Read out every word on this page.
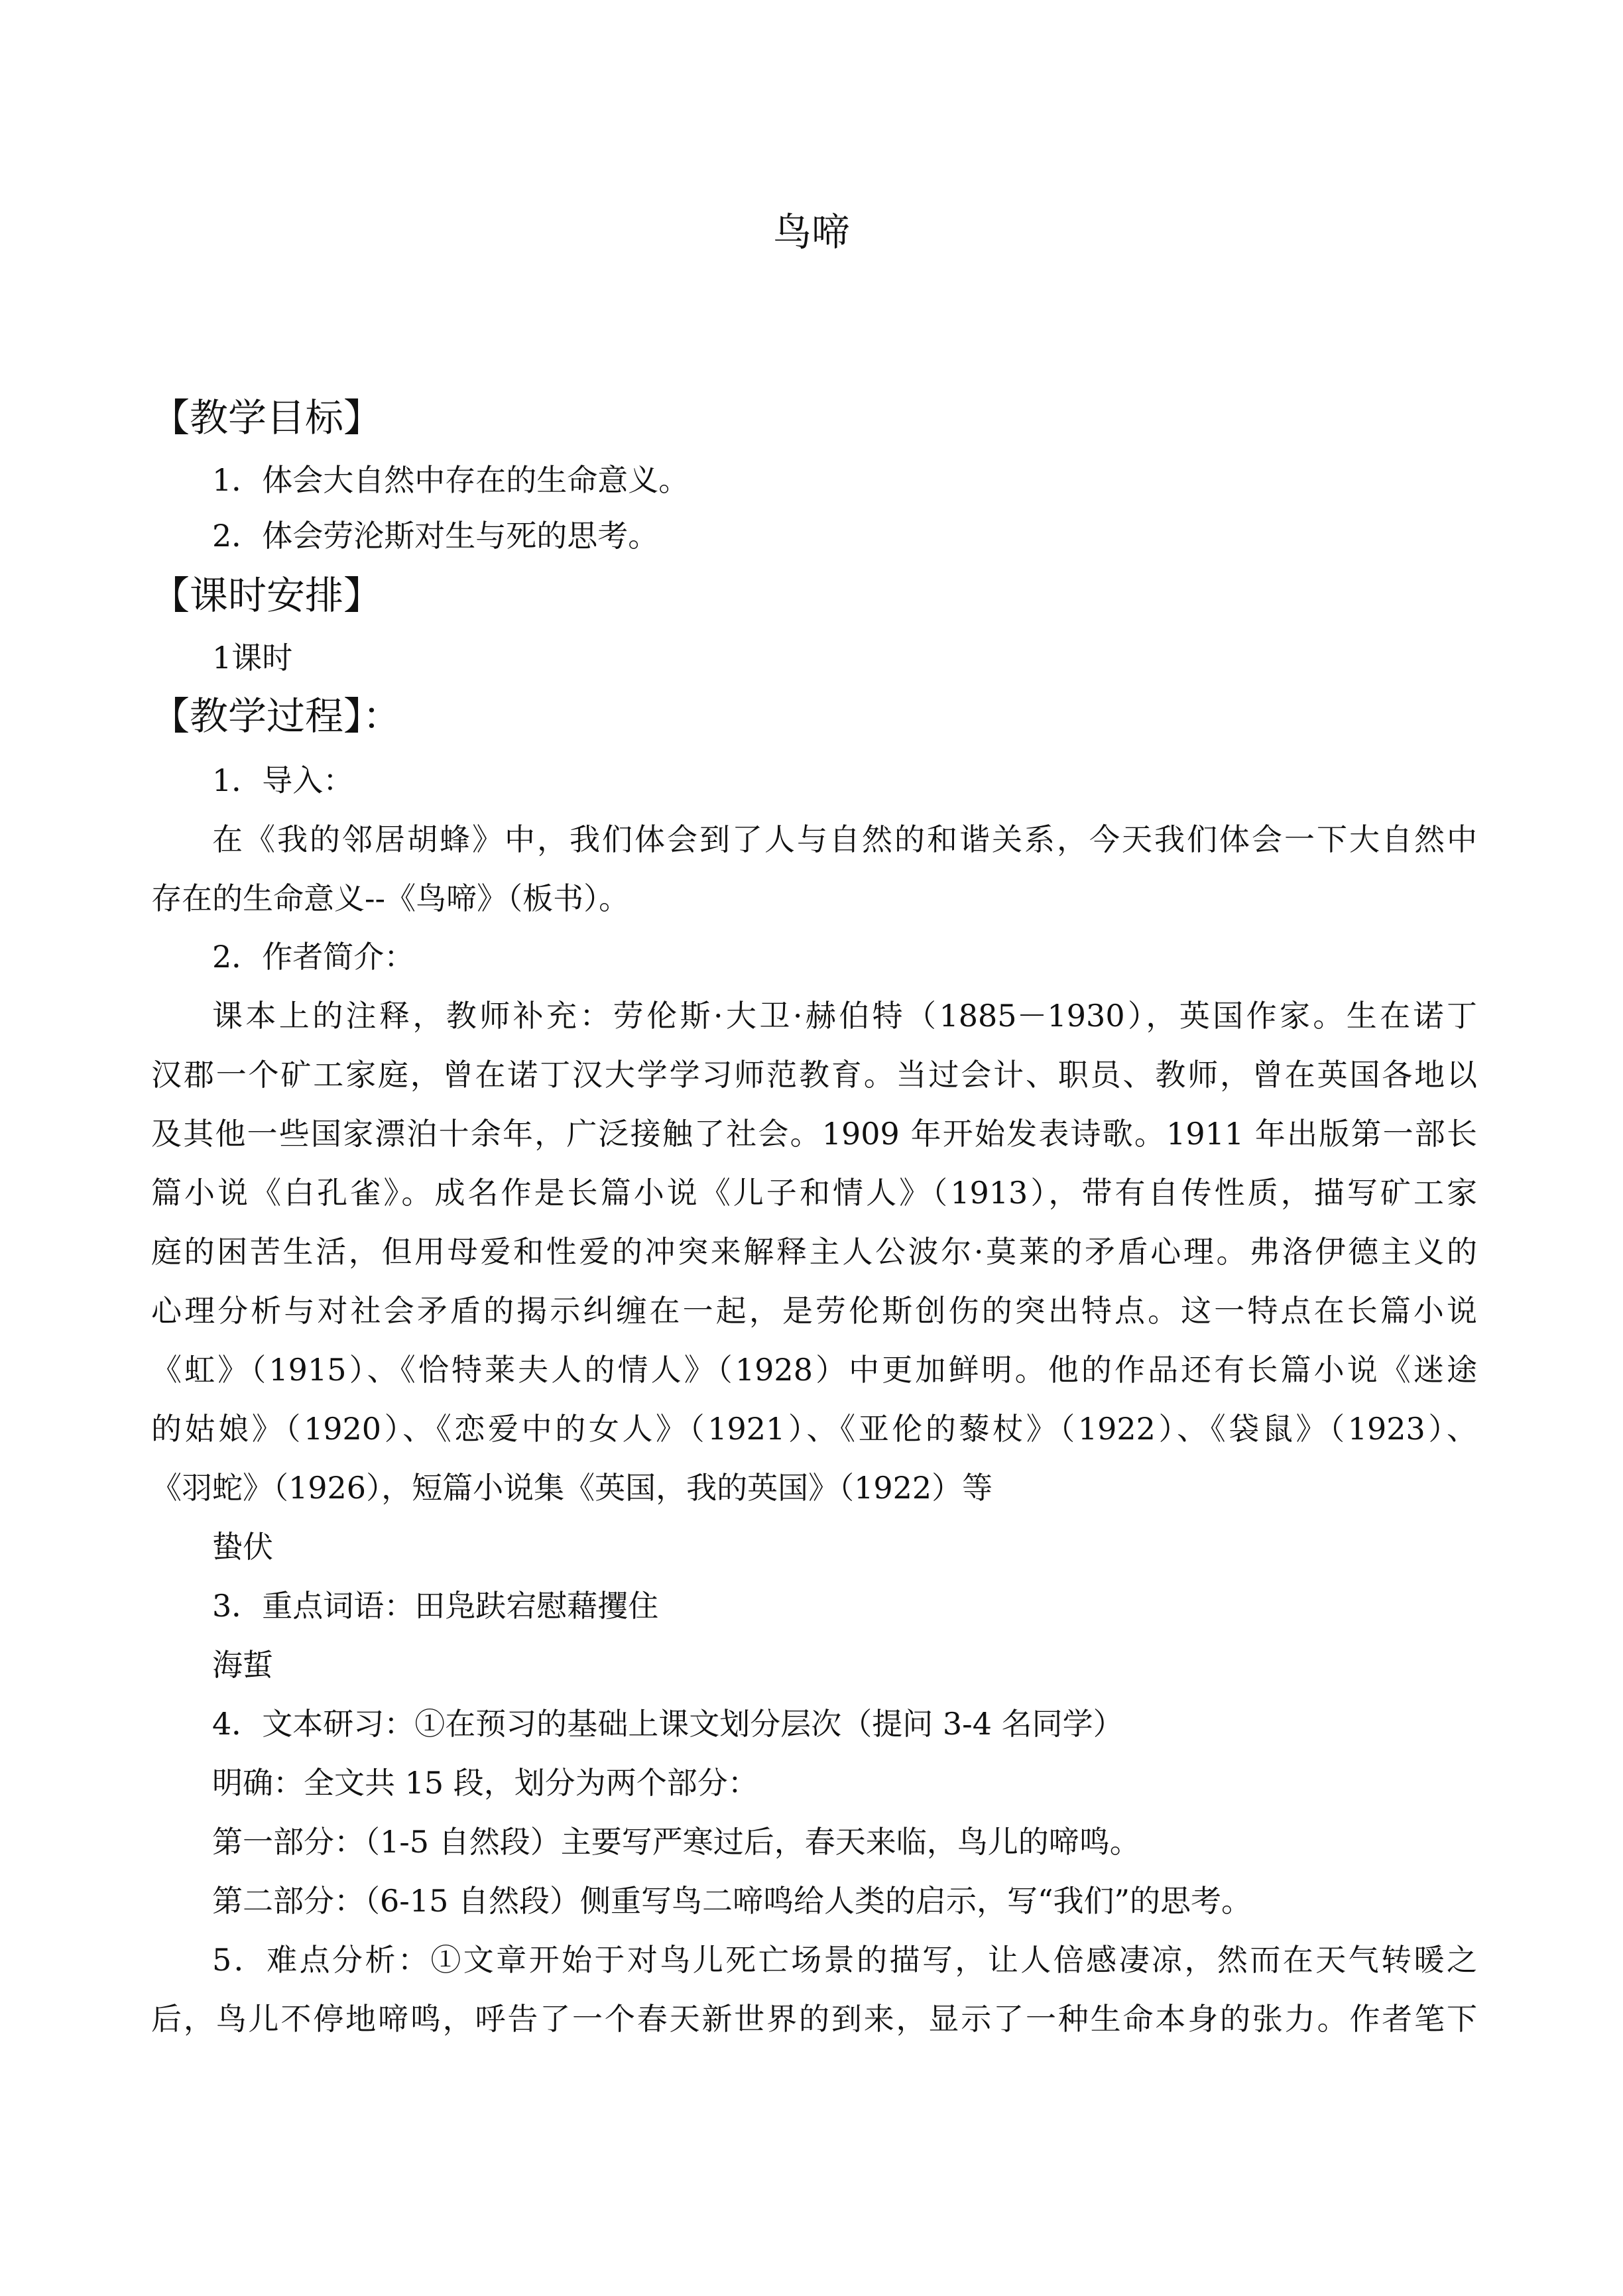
鸟啼
【教学目标】
1．体会大自然中存在的生命意义。
2．体会劳沦斯对生与死的思考。
【课时安排】
1课时
【教学过程】：
1．导入：
在《我的邻居胡蜂》中，我们体会到了人与自然的和谐关系，今天我们体会一下大自然中
存在的生命意义--《鸟啼》（板书）。
2．作者简介：
课本上的注释，教师补充：劳伦斯·大卫·赫伯特（1885－1930），英国作家。生在诺丁
汉郡一个矿工家庭，曾在诺丁汉大学学习师范教育。当过会计、职员、教师，曾在英国各地以
及其他一些国家漂泊十余年，广泛接触了社会。1909 年开始发表诗歌。1911 年出版第一部长
篇小说《白孔雀》。成名作是长篇小说《儿子和情人》（1913），带有自传性质，描写矿工家
庭的困苦生活，但用母爱和性爱的冲突来解释主人公波尔·莫莱的矛盾心理。弗洛伊德主义的
心理分析与对社会矛盾的揭示纠缠在一起，是劳伦斯创伤的突出特点。这一特点在长篇小说
《虹》（1915）、《恰特莱夫人的情人》（1928）中更加鲜明。他的作品还有长篇小说《迷途
的姑娘》（1920）、《恋爱中的女人》（1921）、《亚伦的藜杖》（1922）、《袋鼠》（1923）、
《羽蛇》（1926），短篇小说集《英国，我的英国》（1922）等
蛰伏
3．重点词语：田凫趺宕慰藉攫住
海蜇
4．文本研习：①在预习的基础上课文划分层次（提问 3-4 名同学）
明确：全文共 15 段，划分为两个部分：
第一部分：（1-5 自然段）主要写严寒过后，春天来临，鸟儿的啼鸣。
第二部分：（6-15 自然段）侧重写鸟二啼鸣给人类的启示，写“我们”的思考。
5．难点分析：①文章开始于对鸟儿死亡场景的描写，让人倍感凄凉，然而在天气转暖之
后，鸟儿不停地啼鸣，呼告了一个春天新世界的到来，显示了一种生命本身的张力。作者笔下
